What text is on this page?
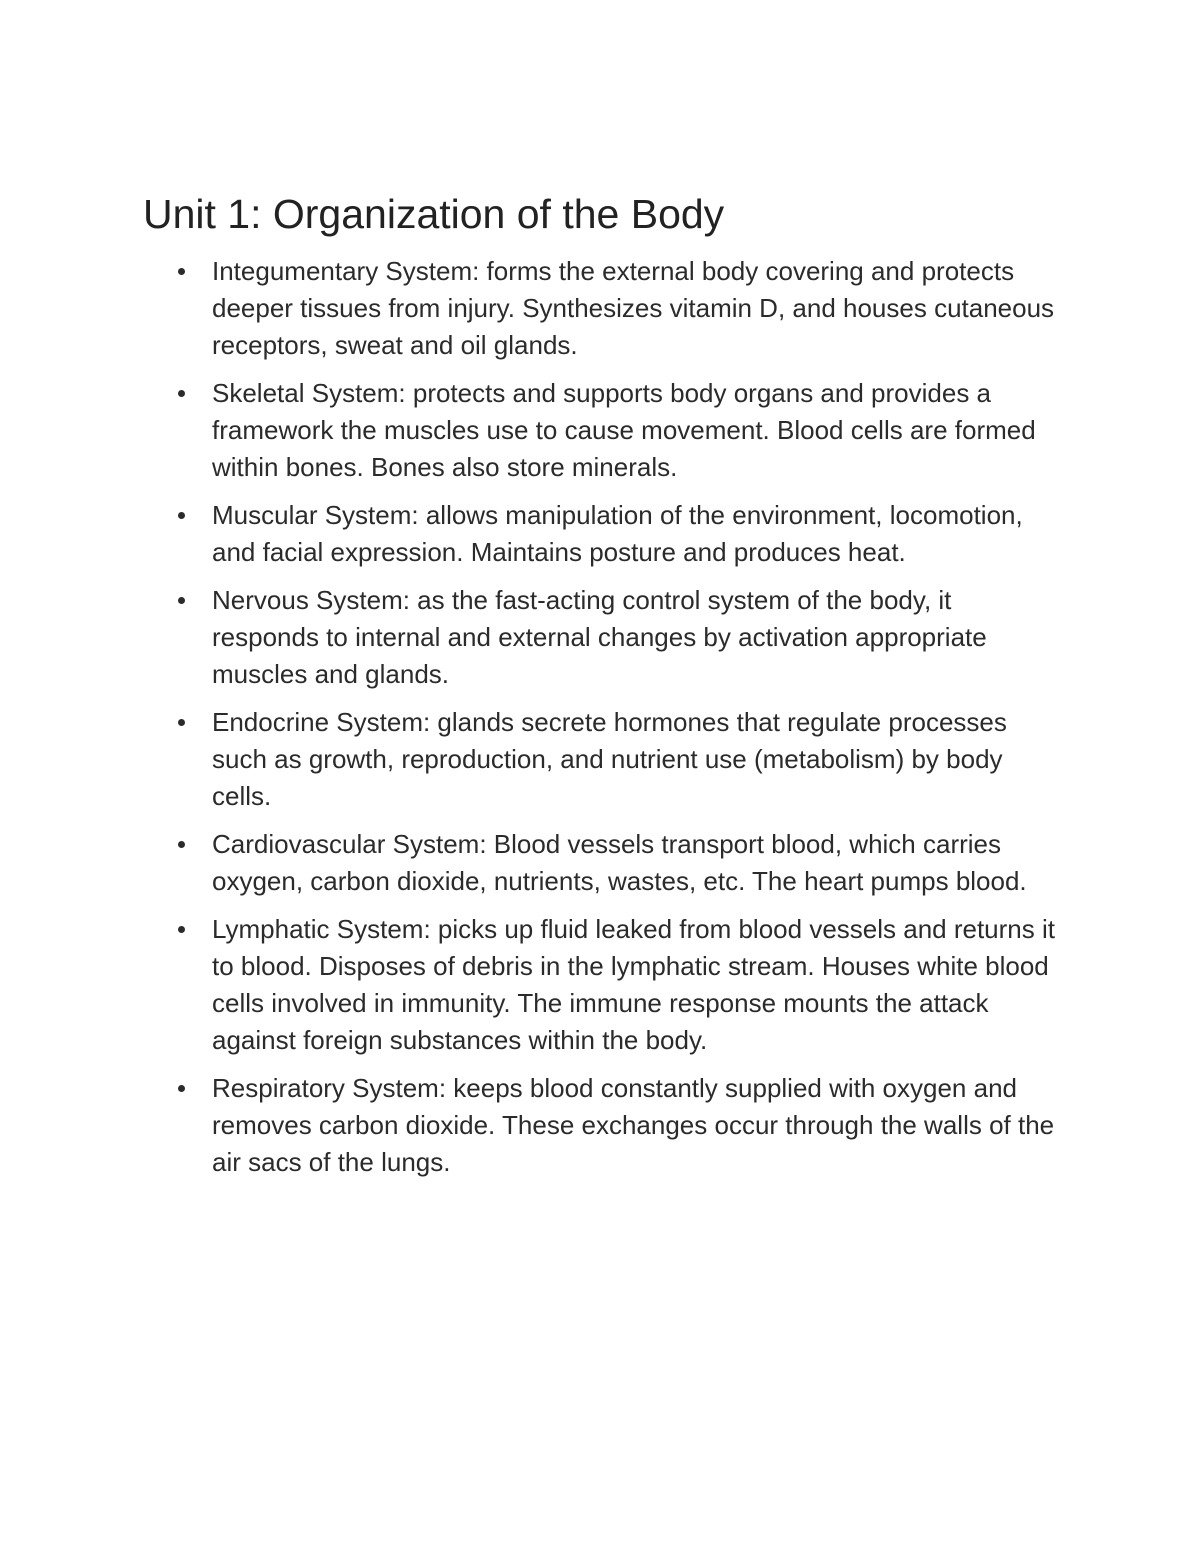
Unit 1: Organization of the Body
Integumentary System: forms the external body covering and protects deeper tissues from injury. Synthesizes vitamin D, and houses cutaneous receptors, sweat and oil glands.
Skeletal System: protects and supports body organs and provides a framework the muscles use to cause movement. Blood cells are formed within bones. Bones also store minerals.
Muscular System: allows manipulation of the environment, locomotion, and facial expression. Maintains posture and produces heat.
Nervous System: as the fast-acting control system of the body, it responds to internal and external changes by activation appropriate muscles and glands.
Endocrine System: glands secrete hormones that regulate processes such as growth, reproduction, and nutrient use (metabolism) by body cells.
Cardiovascular System: Blood vessels transport blood, which carries oxygen, carbon dioxide, nutrients, wastes, etc. The heart pumps blood.
Lymphatic System: picks up fluid leaked from blood vessels and returns it to blood. Disposes of debris in the lymphatic stream. Houses white blood cells involved in immunity. The immune response mounts the attack against foreign substances within the body.
Respiratory System: keeps blood constantly supplied with oxygen and removes carbon dioxide. These exchanges occur through the walls of the air sacs of the lungs.
